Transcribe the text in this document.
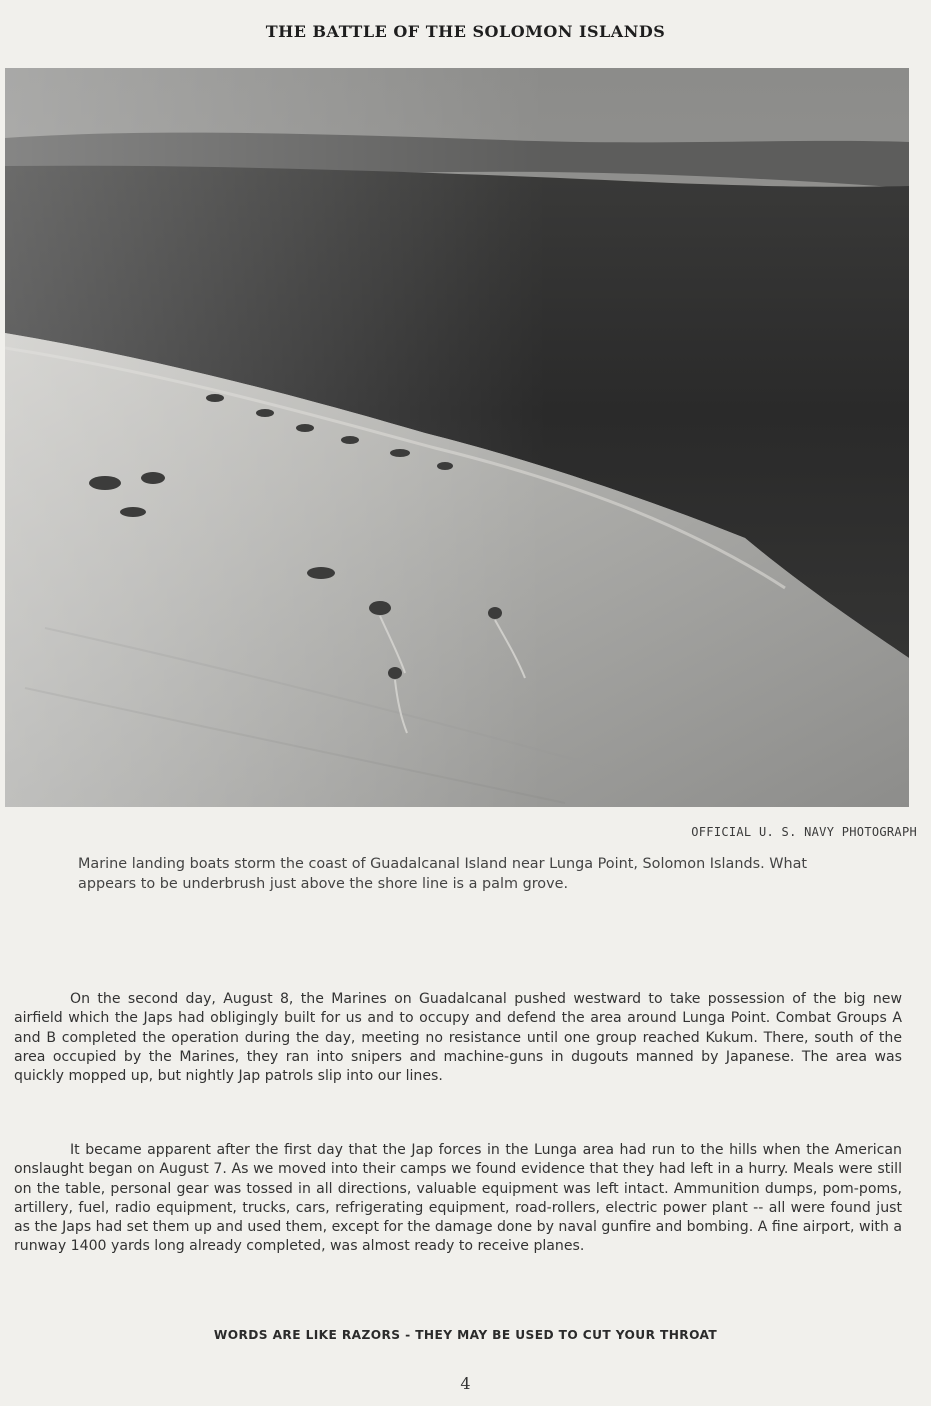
THE BATTLE OF THE SOLOMON ISLANDS
OFFICIAL U. S. NAVY PHOTOGRAPH

Marine landing boats storm the coast of Guadalcanal Island near Lunga Point, Solomon Islands. What appears to be underbrush just above the shore line is a palm grove.

On the second day, August 8, the Marines on Guadalcanal pushed westward to take possession of the big new airfield which the Japs had obligingly built for us and to occupy and defend the area around Lunga Point. Combat Groups A and B completed the operation during the day, meeting no resistance until one group reached Kukum. There, south of the area occupied by the Marines, they ran into snipers and machine-guns in dugouts manned by Japanese. The area was quickly mopped up, but nightly Jap patrols slip into our lines.

It became apparent after the first day that the Jap forces in the Lunga area had run to the hills when the American onslaught began on August 7. As we moved into their camps we found evidence that they had left in a hurry. Meals were still on the table, personal gear was tossed in all directions, valuable equipment was left intact. Ammunition dumps, pom-poms, artillery, fuel, radio equipment, trucks, cars, refrigerating equipment, road-rollers, electric power plant -- all were found just as the Japs had set them up and used them, except for the damage done by naval gunfire and bombing. A fine airport, with a runway 1400 yards long already completed, was almost ready to receive planes.

WORDS ARE LIKE RAZORS - THEY MAY BE USED TO CUT YOUR THROAT
4
